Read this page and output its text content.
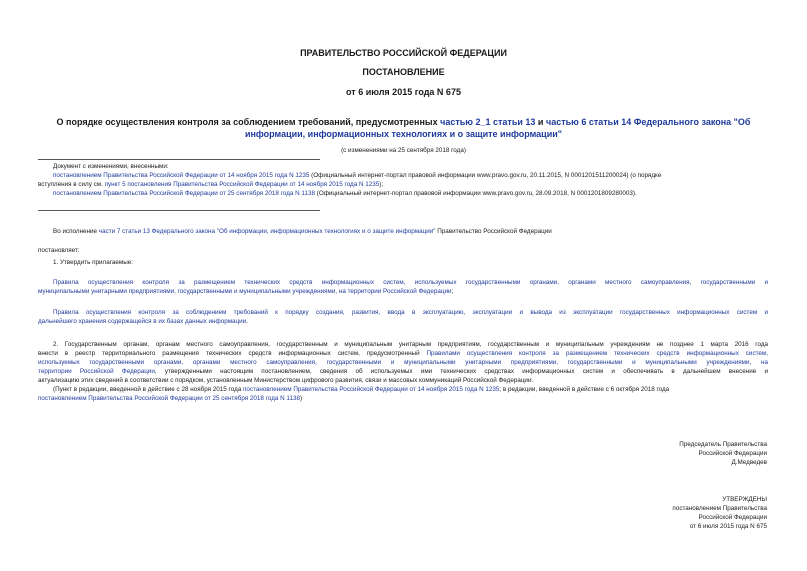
ПРАВИТЕЛЬСТВО РОССИЙСКОЙ ФЕДЕРАЦИИ
ПОСТАНОВЛЕНИЕ
от 6 июля 2015 года N 675
О порядке осуществления контроля за соблюдением требований, предусмотренных частью 2_1 статьи 13 и частью 6 статьи 14 Федерального закона "Об
информации, информационных технологиях и о защите информации"
(с изменениями на 25 сентября 2018 года)
Документ с изменениями, внесенными:
постановлением Правительства Российской Федерации от 14 ноября 2015 года N 1235 (Официальный интернет-портал правовой информации www.pravo.gov.ru, 20.11.2015, N 0001201511200024) (о порядке
вступления в силу см. пункт 5 постановления Правительства Российской Федерации от 14 ноября 2015 года N 1235);
постановлением Правительства Российской Федерации от 25 сентября 2018 года N 1138 (Официальный интернет-портал правовой информации www.pravo.gov.ru, 28.09.2018, N 0001201809280003).
Во исполнение части 7 статьи 13 Федерального закона "Об информации, информационных технологиях и о защите информации" Правительство Российской Федерации
постановляет:
1. Утвердить прилагаемые:
Правила осуществления контроля за размещением технических средств информационных систем, используемых государственными органами, органами местного самоуправления, государственными и
муниципальными унитарными предприятиями, государственными и муниципальными учреждениями, на территории Российской Федерации;
Правила осуществления контроля за соблюдением требований к порядку создания, развития, ввода в эксплуатацию, эксплуатации и вывода из эксплуатации государственных информационных систем и
дальнейшего хранения содержащейся в их базах данных информации.
2. Государственным органам, органам местного самоуправления, государственным и муниципальным унитарным предприятиям, государственным и муниципальным учреждениям не позднее 1 марта 2016 года
внести в реестр территориального размещения технических средств информационных систем, предусмотренный Правилами осуществления контроля за размещением технических средств информационных систем,
используемых государственными органами, органами местного самоуправления, государственными и муниципальными унитарными предприятиями, государственными и муниципальными учреждениями, на
территории Российской Федерации, утвержденными настоящим постановлением, сведения об используемых ими технических средствах информационных систем и обеспечивать в дальнейшем внесение и
актуализацию этих сведений в соответствии с порядком, установленным Министерством цифрового развития, связи и массовых коммуникаций Российской Федерации.
(Пункт в редакции, введенной в действие с 28 ноября 2015 года постановлением Правительства Российской Федерации от 14 ноября 2015 года N 1235; в редакции, введенной в действие с 6 октября 2018 года
постановлением Правительства Российской Федерации от 25 сентября 2018 года N 1138)
Председатель Правительства
Российской Федерации
Д.Медведев
УТВЕРЖДЕНЫ
постановлением Правительства
Российской Федерации
от 6 июля 2015 года N 675
